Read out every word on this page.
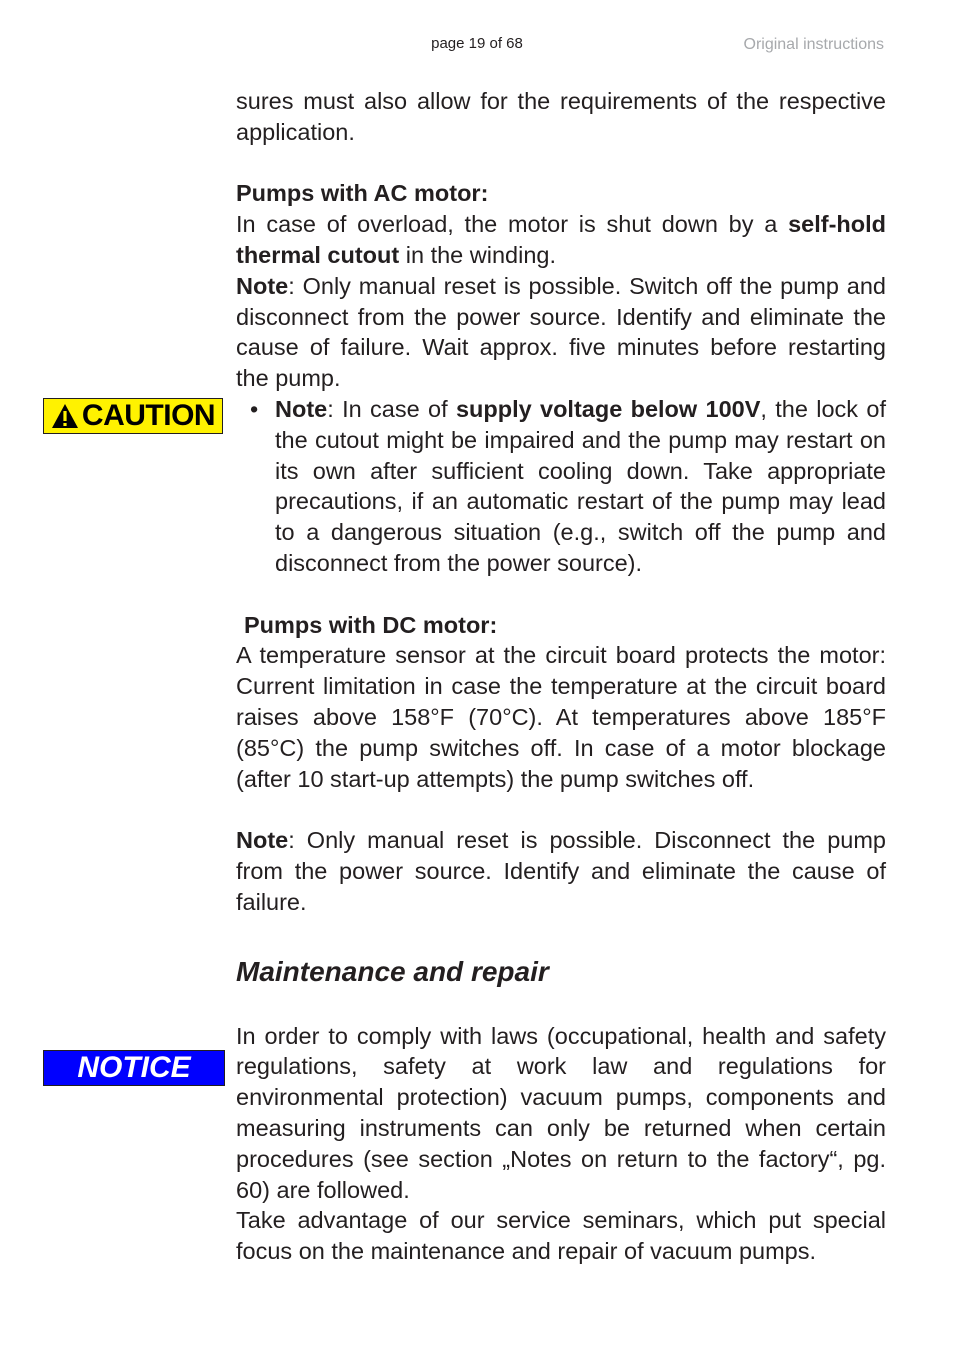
page 19 of 68	Original instructions
CAUTION
NOTICE

sures must also allow for the requirements of the respective application.

Pumps with AC motor:

In case of overload, the motor is shut down by a self-hold thermal cutout in the winding.

Note: Only manual reset is possible. Switch off the pump and disconnect from the power source. Identify and eliminate the cause of failure. Wait approx. five minutes before restarting the pump.

• Note: In case of supply voltage below 100V, the lock of the cutout might be impaired and the pump may restart on its own after sufficient cooling down. Take appropriate precautions, if an automatic restart of the pump may lead to a dangerous situation (e.g., switch off the pump and disconnect from the power source).

Pumps with DC motor:

A temperature sensor at the circuit board protects the motor: Current limitation in case the temperature at the circuit board raises above 158°F (70°C). At temperatures above 185°F (85°C) the pump switches off. In case of a motor blockage (after 10 start-up attempts) the pump switches off.

Note: Only manual reset is possible. Disconnect the pump from the power source. Identify and eliminate the cause of failure.

Maintenance and repair

In order to comply with laws (occupational, health and safety regulations, safety at work law and regulations for environmental protection) vacuum pumps, components and measuring instruments can only be returned when certain procedures (see section „Notes on return to the factory“, pg. 60) are followed.

Take advantage of our service seminars, which put special focus on the maintenance and repair of vacuum pumps.
